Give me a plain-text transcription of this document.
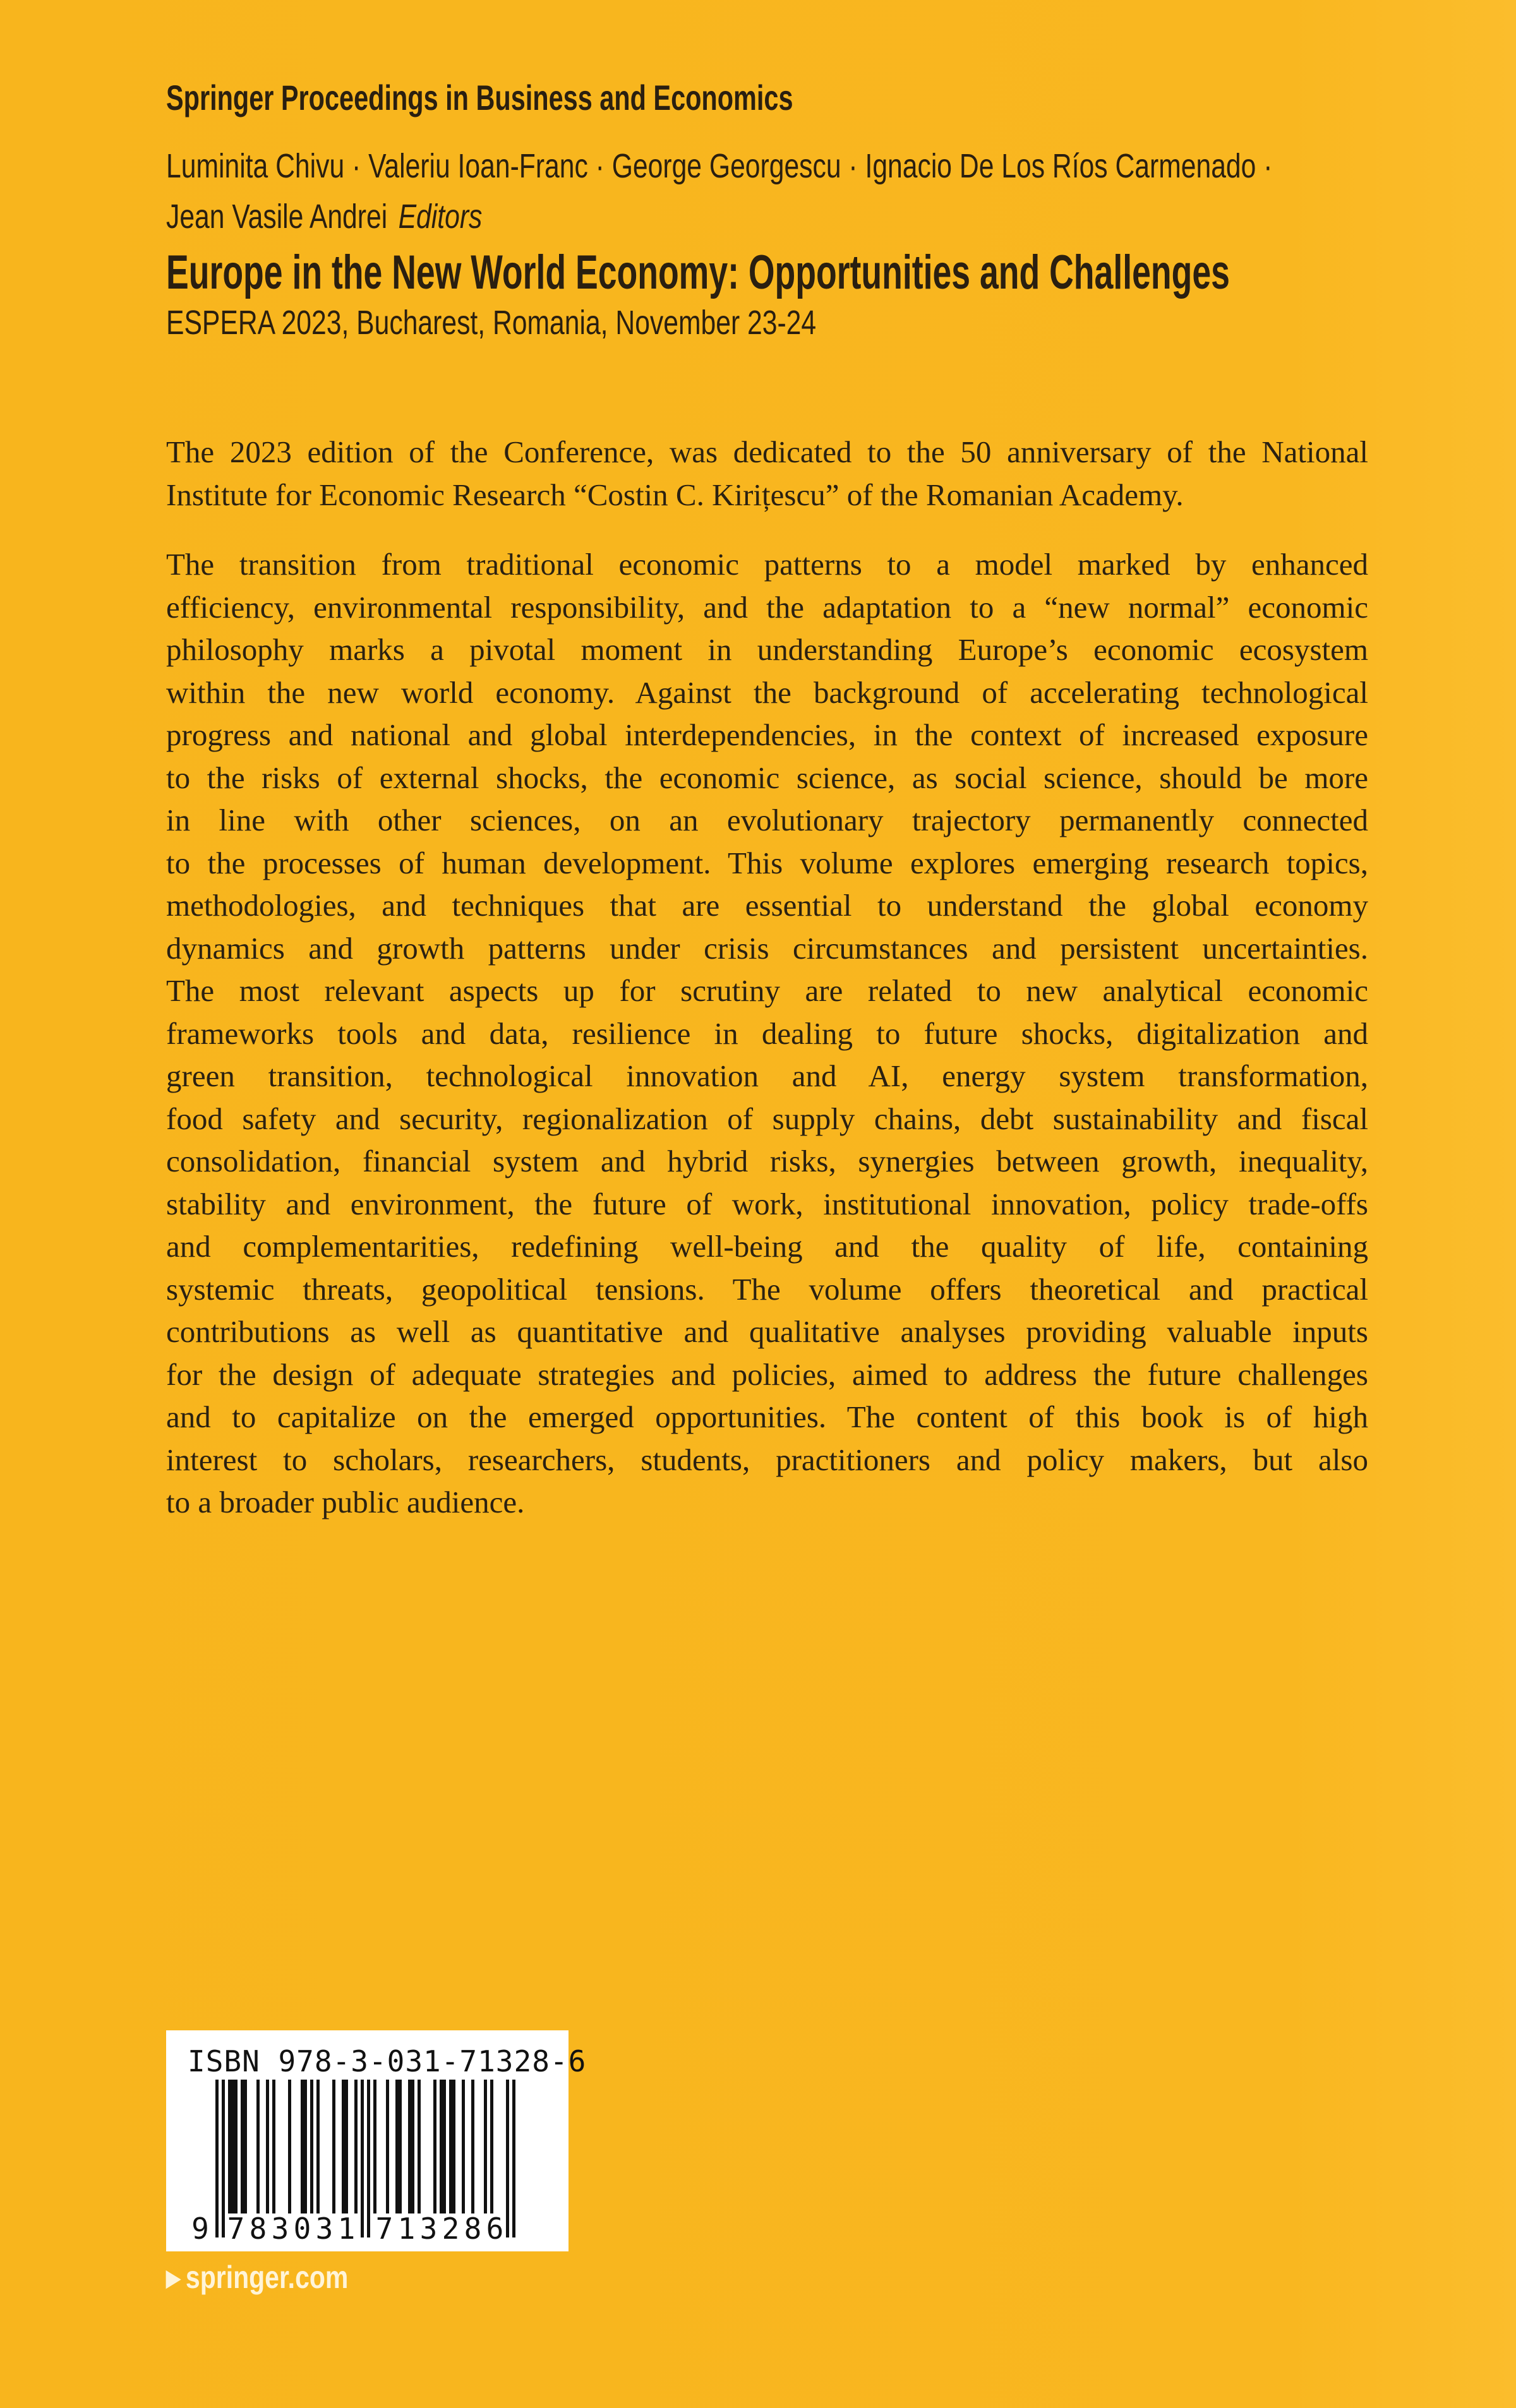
Springer Proceedings in Business and Economics
Luminita Chivu · Valeriu Ioan-Franc · George Georgescu · Ignacio De Los Ríos Carmenado ·
Jean Vasile Andrei Editors
Europe in the New World Economy: Opportunities and Challenges
ESPERA 2023, Bucharest, Romania, November 23-24
The 2023 edition of the Conference, was dedicated to the 50 anniversary of the National
Institute for Economic Research “Costin C. Kirițescu” of the Romanian Academy.
The transition from traditional economic patterns to a model marked by enhanced
efficiency, environmental responsibility, and the adaptation to a “new normal” economic
philosophy marks a pivotal moment in understanding Europe’s economic ecosystem
within the new world economy. Against the background of accelerating technological
progress and national and global interdependencies, in the context of increased exposure
to the risks of external shocks, the economic science, as social science, should be more
in line with other sciences, on an evolutionary trajectory permanently connected
to the processes of human development. This volume explores emerging research topics,
methodologies, and techniques that are essential to understand the global economy
dynamics and growth patterns under crisis circumstances and persistent uncertainties.
The most relevant aspects up for scrutiny are related to new analytical economic
frameworks tools and data, resilience in dealing to future shocks, digitalization and
green transition, technological innovation and AI, energy system transformation,
food safety and security, regionalization of supply chains, debt sustainability and fiscal
consolidation, financial system and hybrid risks, synergies between growth, inequality,
stability and environment, the future of work, institutional innovation, policy trade-offs
and complementarities, redefining well-being and the quality of life, containing
systemic threats, geopolitical tensions. The volume offers theoretical and practical
contributions as well as quantitative and qualitative analyses providing valuable inputs
for the design of adequate strategies and policies, aimed to address the future challenges
and to capitalize on the emerged opportunities. The content of this book is of high
interest to scholars, researchers, students, practitioners and policy makers, but also
to a broader public audience.
ISBN 978-3-031-71328-6
9 7 8 3 0 3 1 7 1 3 2 8 6
▶ springer.com
